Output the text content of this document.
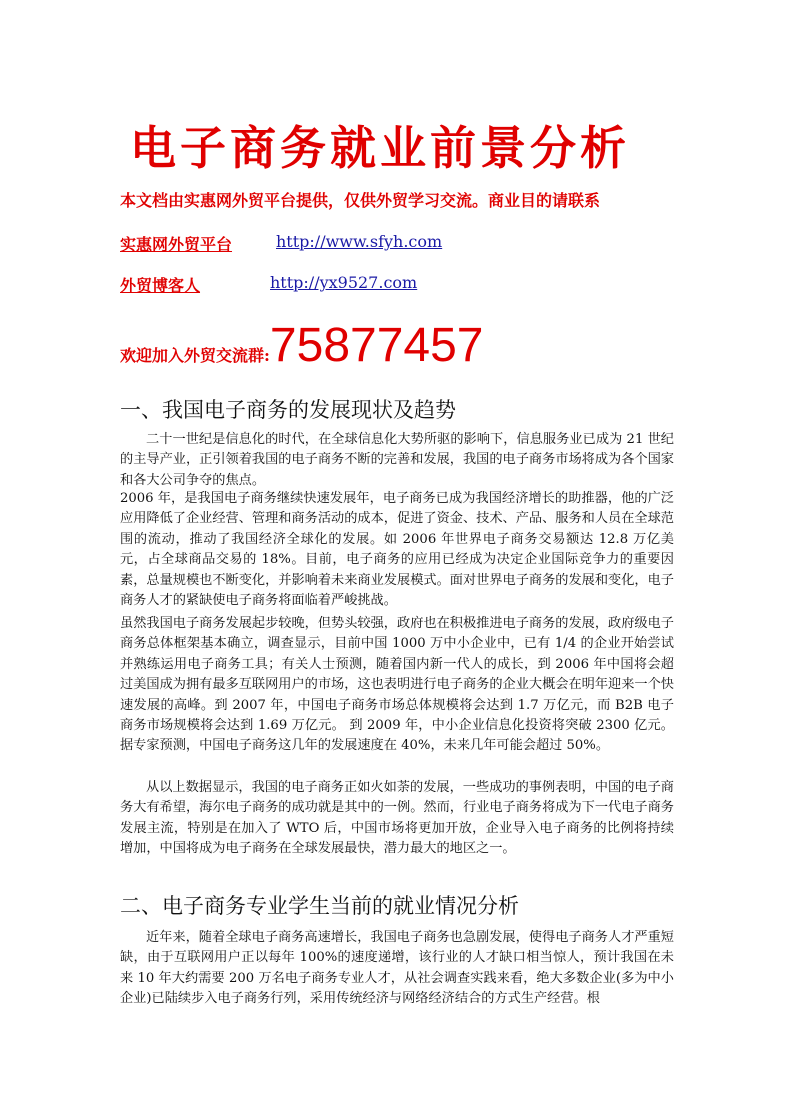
电子商务就业前景分析
本文档由实惠网外贸平台提供，仅供外贸学习交流。商业目的请联系
实惠网外贸平台	http://www.sfyh.com
外贸博客人	http://yx9527.com
欢迎加入外贸交流群:75877457
一、我国电子商务的发展现状及趋势

二十一世纪是信息化的时代，在全球信息化大势所驱的影响下，信息服务业已成为 21 世纪的主导产业，正引领着我国的电子商务不断的完善和发展，我国的电子商务市场将成为各个国家和各大公司争夺的焦点。

2006 年，是我国电子商务继续快速发展年，电子商务已成为我国经济增长的助推器，他的广泛应用降低了企业经营、管理和商务活动的成本，促进了资金、技术、产品、服务和人员在全球范围的流动，推动了我国经济全球化的发展。如 2006 年世界电子商务交易额达 12.8 万亿美元，占全球商品交易的 18%。目前，电子商务的应用已经成为决定企业国际竞争力的重要因素，总量规模也不断变化，并影响着未来商业发展模式。面对世界电子商务的发展和变化，电子商务人才的紧缺使电子商务将面临着严峻挑战。

虽然我国电子商务发展起步较晚，但势头较强，政府也在积极推进电子商务的发展，政府级电子商务总体框架基本确立，调查显示，目前中国 1000 万中小企业中，已有 1/4 的企业开始尝试并熟练运用电子商务工具；有关人士预测，随着国内新一代人的成长，到 2006 年中国将会超过美国成为拥有最多互联网用户的市场，这也表明进行电子商务的企业大概会在明年迎来一个快速发展的高峰。到 2007 年，中国电子商务市场总体规模将会达到 1.7 万亿元，而 B2B 电子商务市场规模将会达到 1.69 万亿元。 到 2009 年，中小企业信息化投资将突破 2300 亿元。据专家预测，中国电子商务这几年的发展速度在 40%，未来几年可能会超过 50%。

从以上数据显示，我国的电子商务正如火如荼的发展，一些成功的事例表明，中国的电子商务大有希望，海尔电子商务的成功就是其中的一例。然而，行业电子商务将成为下一代电子商务发展主流，特别是在加入了 WTO 后，中国市场将更加开放，企业导入电子商务的比例将持续增加，中国将成为电子商务在全球发展最快，潜力最大的地区之一。

二、电子商务专业学生当前的就业情况分析

近年来，随着全球电子商务高速增长，我国电子商务也急剧发展，使得电子商务人才严重短缺，由于互联网用户正以每年 100%的速度递增，该行业的人才缺口相当惊人，预计我国在未来 10 年大约需要 200 万名电子商务专业人才，从社会调查实践来看，绝大多数企业(多为中小企业)已陆续步入电子商务行列，采用传统经济与网络经济结合的方式生产经营。根
